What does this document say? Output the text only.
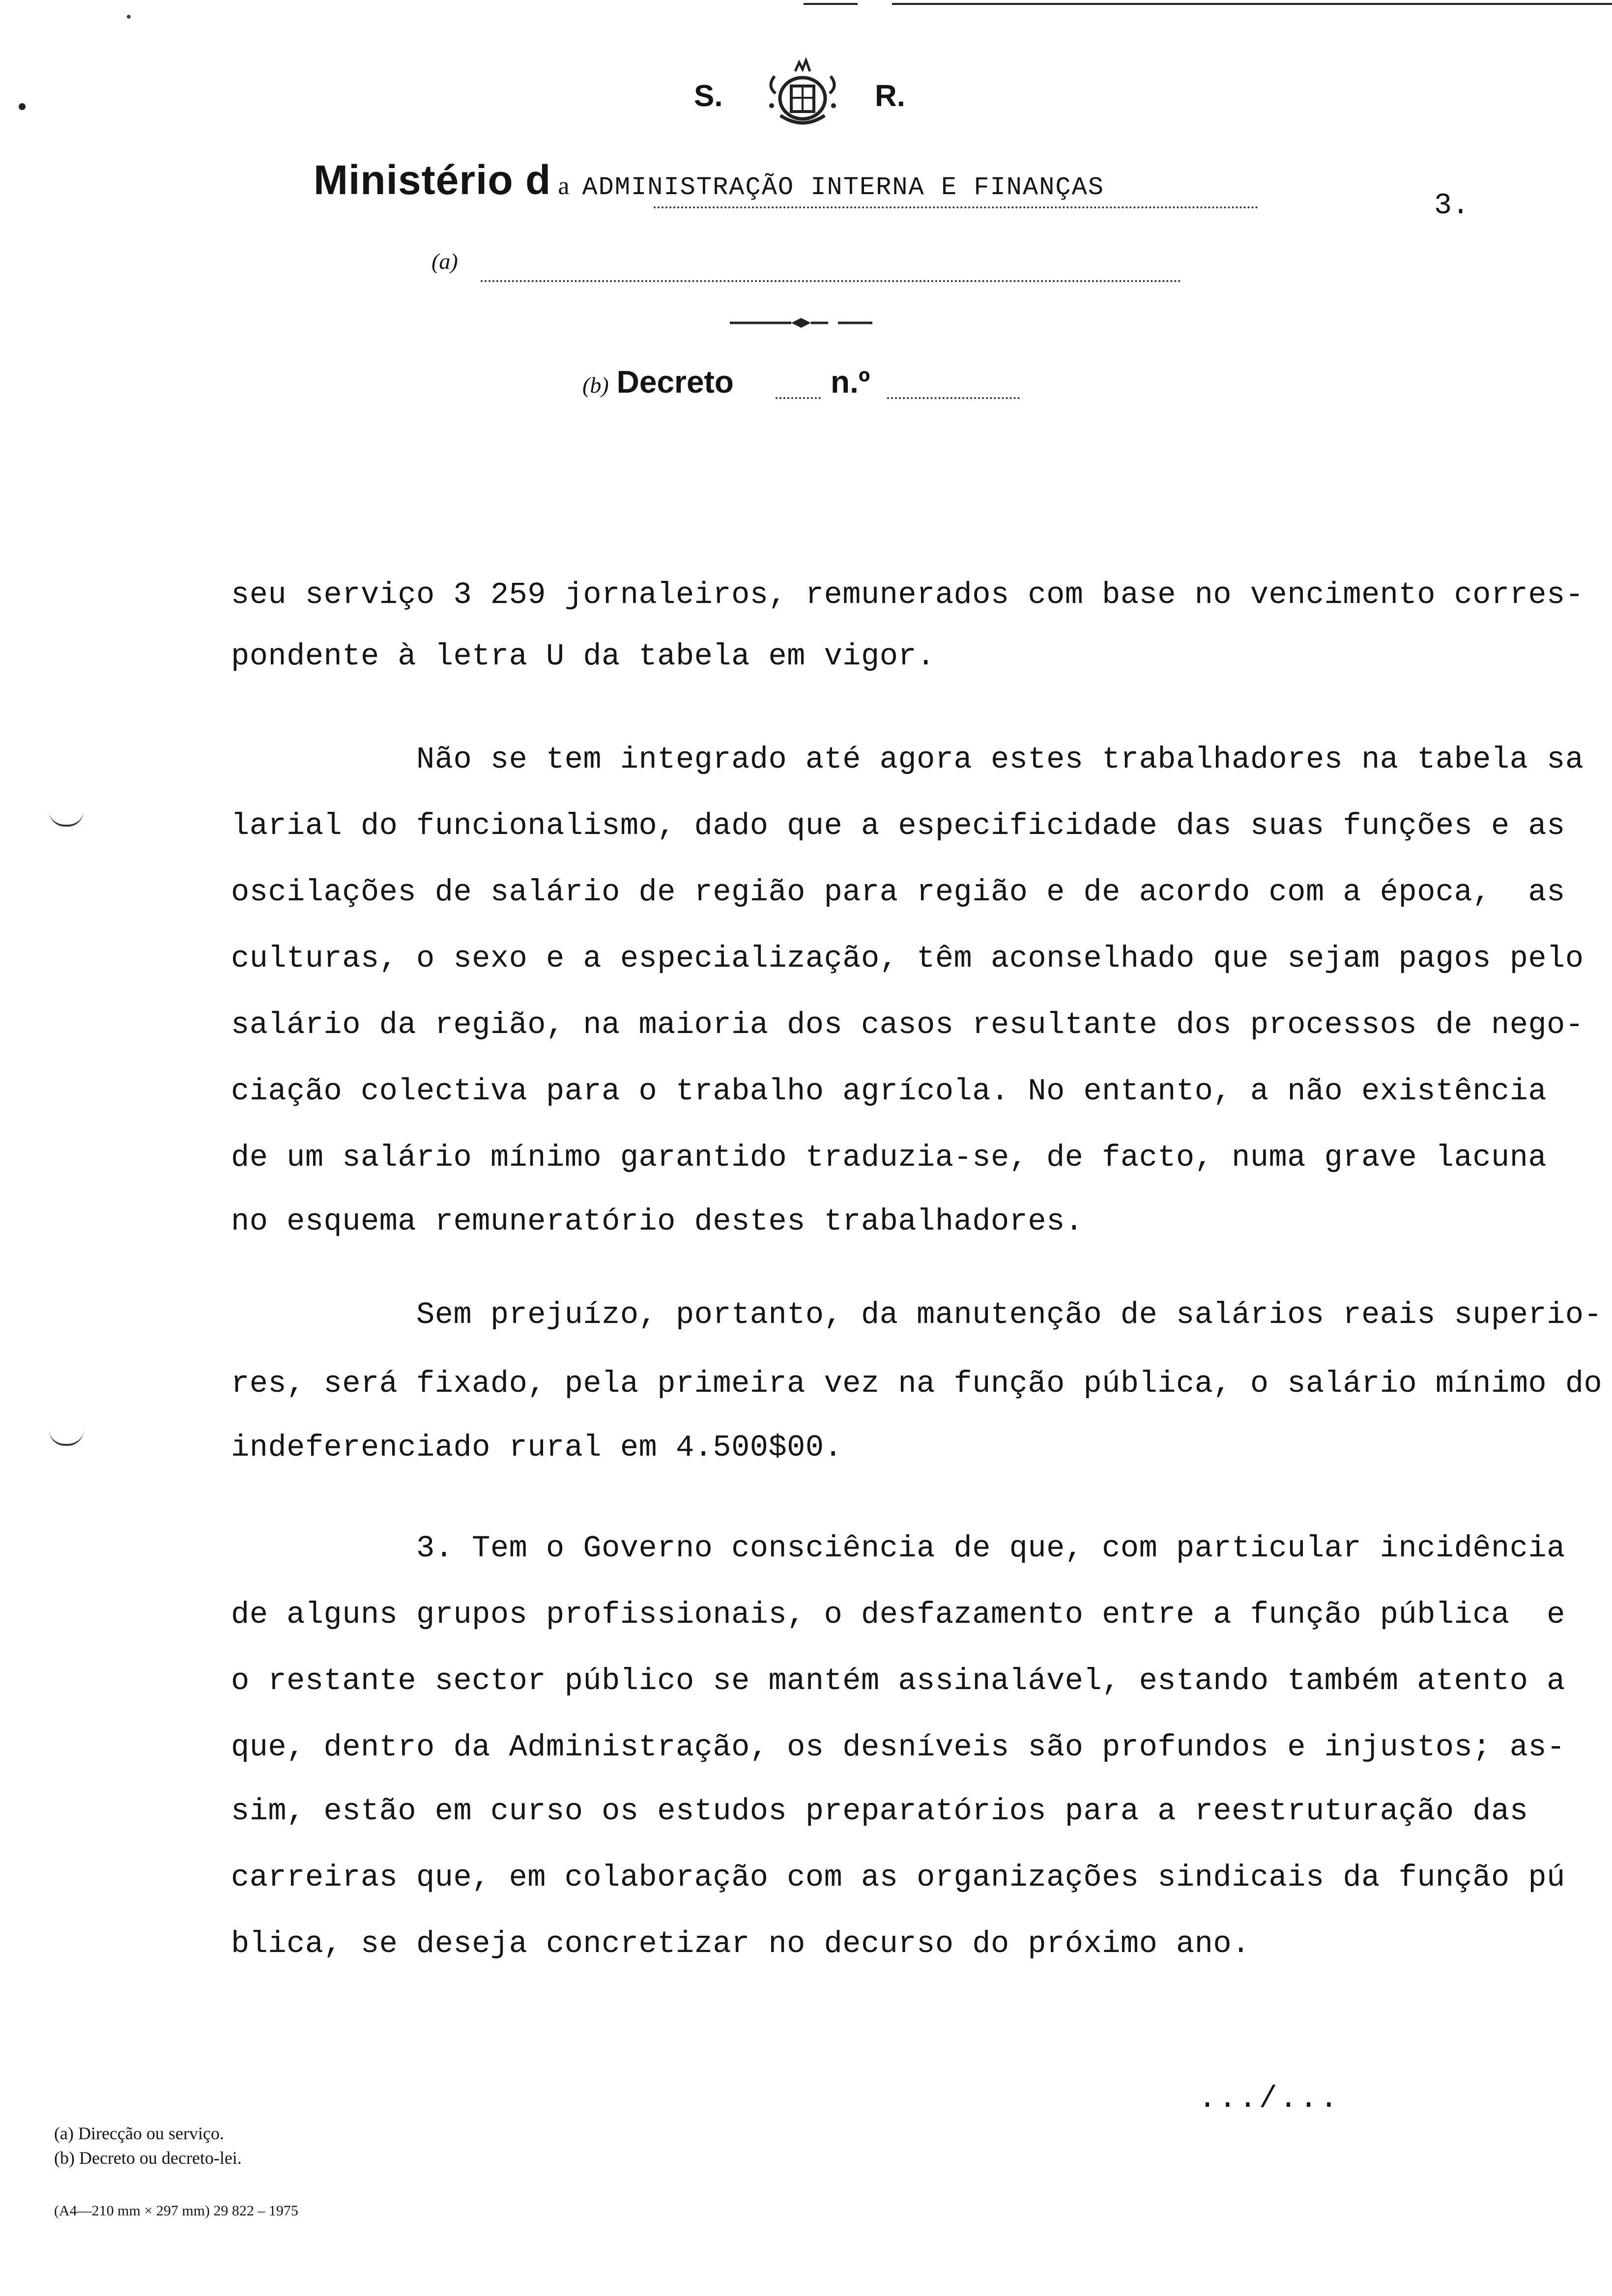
S.	R.
Ministério d a ADMINISTRAÇÃO INTERNA E FINANÇAS
3.
(a)
(b) Decreto	n.º
seu serviço 3 259 jornaleiros, remunerados com base no vencimento corres-
pondente à letra U da tabela em vigor.
Não se tem integrado até agora estes trabalhadores na tabela sa
larial do funcionalismo, dado que a especificidade das suas funções e as
oscilações de salário de região para região e de acordo com a época,  as
culturas, o sexo e a especialização, têm aconselhado que sejam pagos pelo
salário da região, na maioria dos casos resultante dos processos de nego-
ciação colectiva para o trabalho agrícola. No entanto, a não existência
de um salário mínimo garantido traduzia-se, de facto, numa grave lacuna
no esquema remuneratório destes trabalhadores.
Sem prejuízo, portanto, da manutenção de salários reais superio-
res, será fixado, pela primeira vez na função pública, o salário mínimo do
indeferenciado rural em 4.500$00.
3. Tem o Governo consciência de que, com particular incidência
de alguns grupos profissionais, o desfazamento entre a função pública  e
o restante sector público se mantém assinalável, estando também atento a
que, dentro da Administração, os desníveis são profundos e injustos; as-
sim, estão em curso os estudos preparatórios para a reestruturação das
carreiras que, em colaboração com as organizações sindicais da função pú
blica, se deseja concretizar no decurso do próximo ano.
.../...
(a) Direcção ou serviço.
(b) Decreto ou decreto-lei.
(A4—210 mm × 297 mm) 29 822 – 1975
